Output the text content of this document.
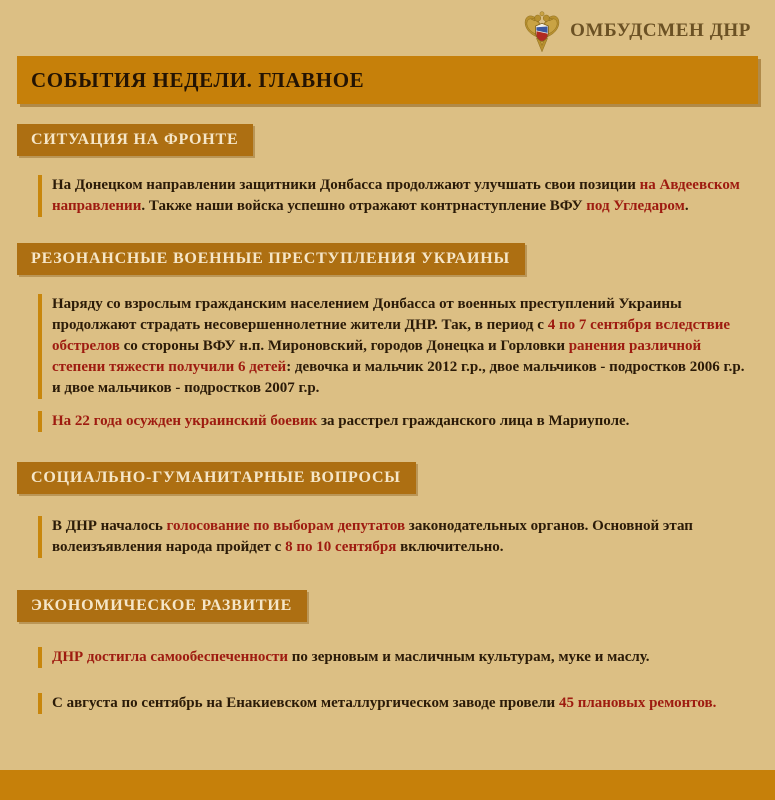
ОМБУДСМЕН ДНР
СОБЫТИЯ НЕДЕЛИ. ГЛАВНОЕ
СИТУАЦИЯ НА ФРОНТЕ

На Донецком направлении защитники Донбасса продолжают улучшать свои позиции на Авдеевском направлении. Также наши войска успешно отражают контрнаступление ВФУ под Угледаром.

РЕЗОНАНСНЫЕ ВОЕННЫЕ ПРЕСТУПЛЕНИЯ УКРАИНЫ

Наряду со взрослым гражданским населением Донбасса от военных преступлений Украины продолжают страдать несовершеннолетние жители ДНР. Так, в период с 4 по 7 сентября вследствие обстрелов со стороны ВФУ н.п. Мироновский, городов Донецка и Горловки ранения различной степени тяжести получили 6 детей: девочка и мальчик 2012 г.р., двое мальчиков - подростков 2006 г.р. и двое мальчиков - подростков 2007 г.р.

На 22 года осужден украинский боевик за расстрел гражданского лица в Мариуполе.

СОЦИАЛЬНО-ГУМАНИТАРНЫЕ ВОПРОСЫ

В ДНР началось голосование по выборам депутатов законодательных органов. Основной этап волеизъявления народа пройдет с 8 по 10 сентября включительно.

ЭКОНОМИЧЕСКОЕ РАЗВИТИЕ

ДНР достигла самообеспеченности по зерновым и масличным культурам, муке и маслу.

С августа по сентябрь на Енакиевском металлургическом заводе провели 45 плановых ремонтов.
